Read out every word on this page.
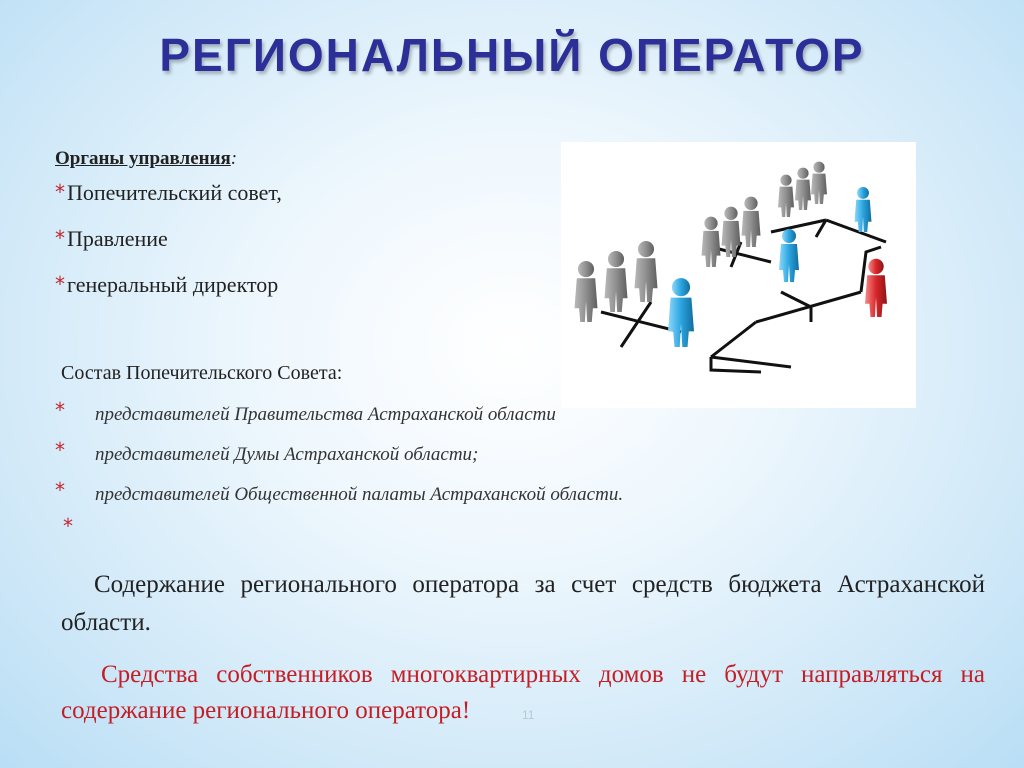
РЕГИОНАЛЬНЫЙ ОПЕРАТОР
Органы управления:
*Попечительский совет,
*Правление
*генеральный директор
Состав Попечительского Совета:
* представителей Правительства Астраханской области
* представителей Думы Астраханской области;
* представителей Общественной палаты Астраханской области.
*

Содержание регионального оператора за счет средств бюджета Астраханской области.

Средства собственников многоквартирных домов не будут направляться на содержание регионального оператора!	11
